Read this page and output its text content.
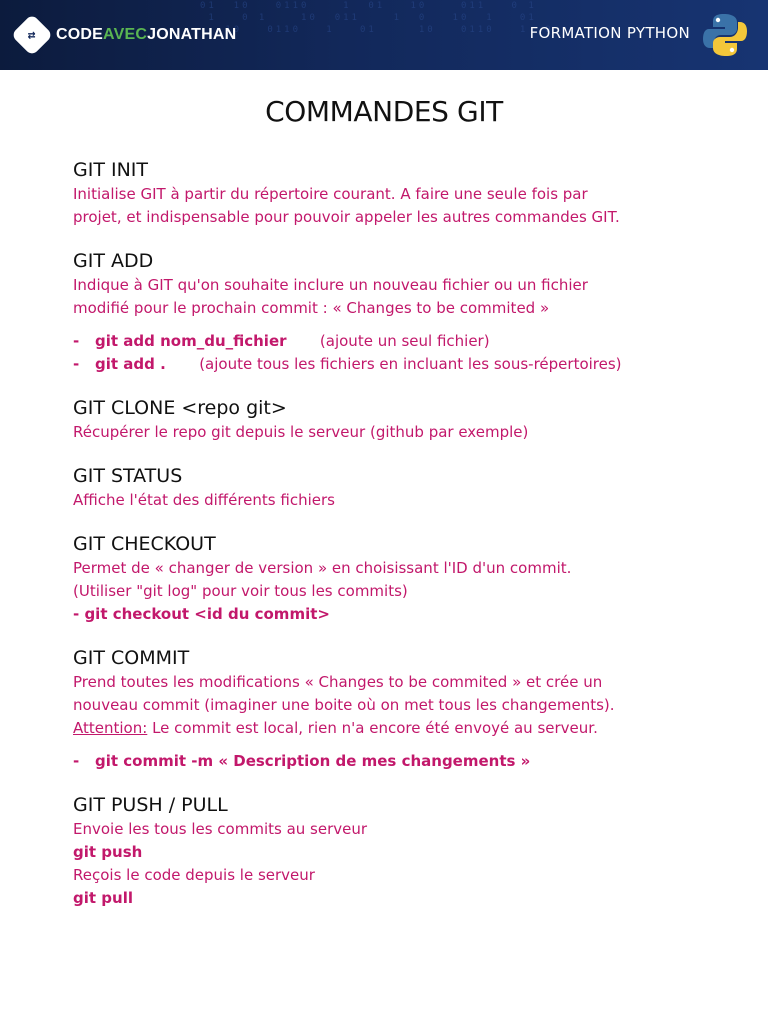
01  10   0110    1  01   10    011   0 1
1   0 1    10  011    1  0   10  1   01
10   0110   1   01     10   0110   1  0
⇄ CODEAVECJONATHAN	FORMATION PYTHON
COMMANDES GIT
GIT INIT
Initialise GIT à partir du répertoire courant. A faire une seule fois par
projet, et indispensable pour pouvoir appeler les autres commandes GIT.
GIT ADD
Indique à GIT qu'on souhaite inclure un nouveau fichier ou un fichier
modifié pour le prochain commit : « Changes to be commited »
-	git add nom_du_fichier
(ajoute un seul fichier)
-	git add .
(ajoute tous les fichiers en incluant les sous-répertoires)
GIT CLONE <repo git>
Récupérer le repo git depuis le serveur (github par exemple)
GIT STATUS
Affiche l'état des différents fichiers
GIT CHECKOUT
Permet de « changer de version » en choisissant l'ID d'un commit.
(Utiliser "git log" pour voir tous les commits)
- git checkout <id du commit>
GIT COMMIT
Prend toutes les modifications « Changes to be commited » et crée un
nouveau commit (imaginer une boite où on met tous les changements).
Attention: Le commit est local, rien n'a encore été envoyé au serveur.
-	git commit -m « Description de mes changements »
GIT PUSH / PULL
Envoie les tous les commits au serveur
git push
Reçois le code depuis le serveur
git pull
